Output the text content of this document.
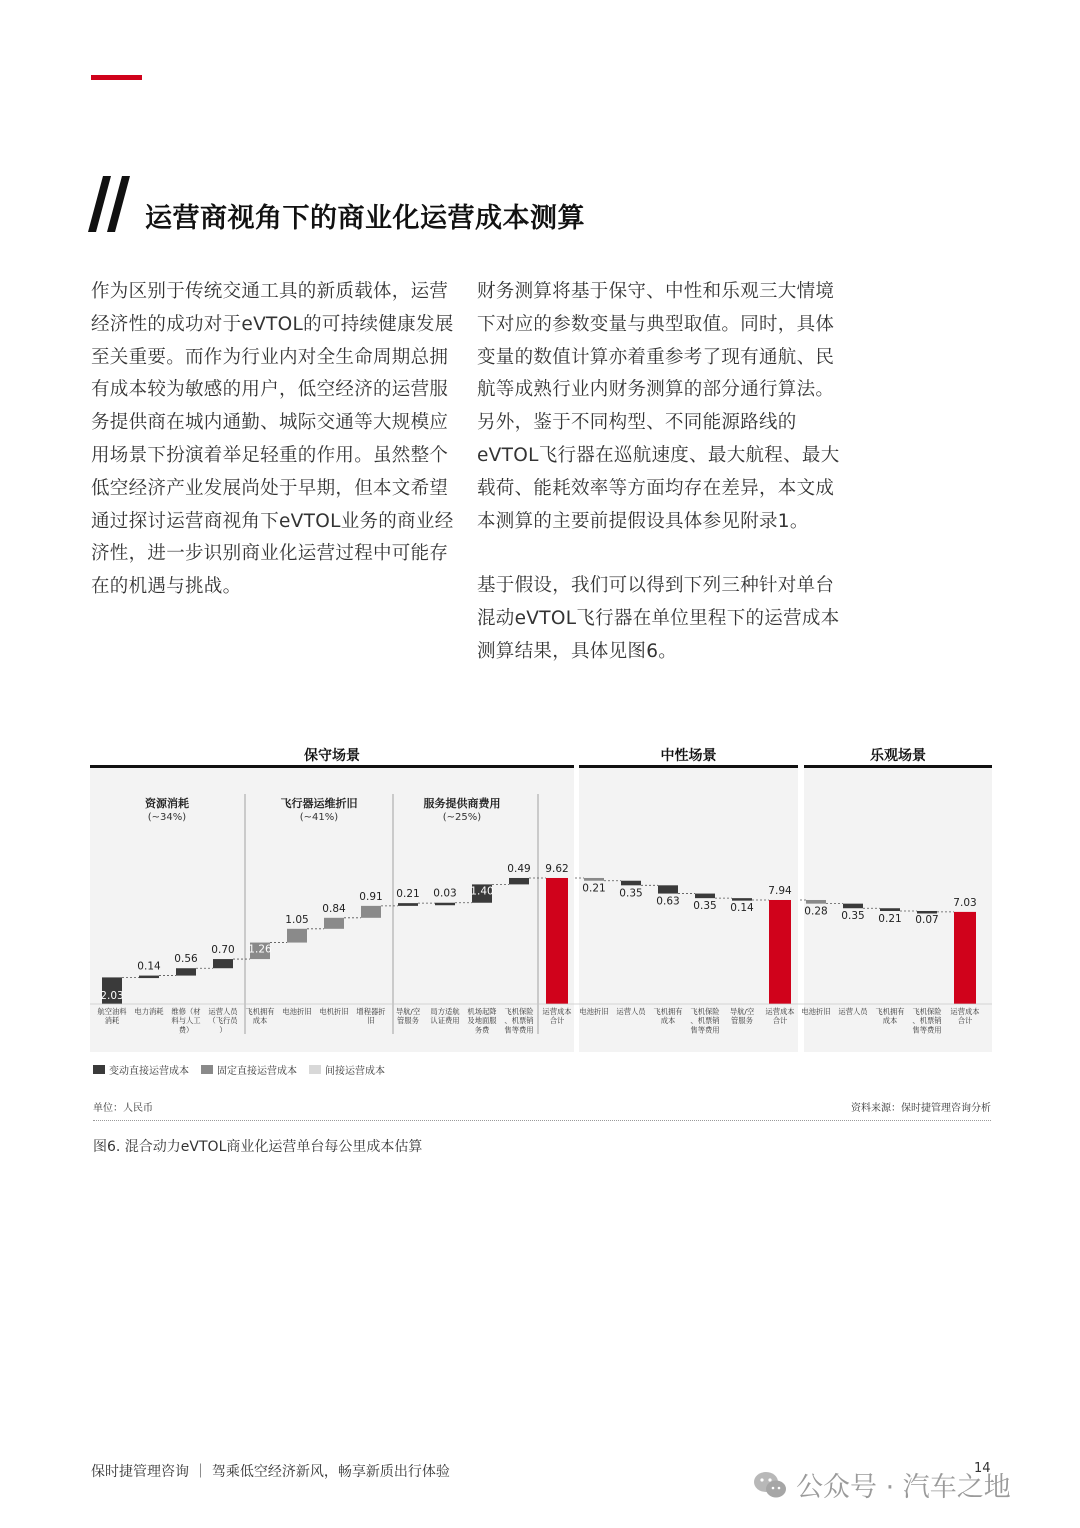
运营商视角下的商业化运营成本测算

作为区别于传统交通工具的新质载体，运营经济性的成功对于eVTOL的可持续健康发展至关重要。而作为行业内对全生命周期总拥有成本较为敏感的用户，低空经济的运营服务提供商在城内通勤、城际交通等大规模应用场景下扮演着举足轻重的作用。虽然整个低空经济产业发展尚处于早期，但本文希望通过探讨运营商视角下eVTOL业务的商业经济性，进一步识别商业化运营过程中可能存在的机遇与挑战。

财务测算将基于保守、中性和乐观三大情境下对应的参数变量与典型取值。同时，具体变量的数值计算亦着重参考了现有通航、民航等成熟行业内财务测算的部分通行算法。另外，鉴于不同构型、不同能源路线的eVTOL飞行器在巡航速度、最大航程、最大载荷、能耗效率等方面均存在差异，本文成本测算的主要前提假设具体参见附录1。

基于假设，我们可以得到下列三种针对单台混动eVTOL飞行器在单位里程下的运营成本测算结果，具体见图6。

保守场景	中性场景	乐观场景
资源消耗
(~34%)
飞行器运维折旧
(~41%)
服务提供商费用
(~25%)
2.03
航空油料
消耗
0.14
电力消耗
0.56
维修（材
料与人工
费）
0.70
运营人员
（飞行员
）
1.26
飞机拥有
成本
1.05
电池折旧
0.84
电机折旧
0.91
增程器折
旧
0.21
导航/空
管服务
0.03
局方适航
认证费用
1.40
机场起降
及地面服
务费
0.49
飞机保险
、机票销
售等费用
9.62
运营成本
合计
0.21
电池折旧
0.35
运营人员
0.63
飞机拥有
成本
0.35
飞机保险
、机票销
售等费用
0.14
导航/空
管服务
7.94
运营成本
合计
0.28
电池折旧
0.35
运营人员
0.21
飞机拥有
成本
0.07
飞机保险
、机票销
售等费用
7.03
运营成本
合计
变动直接运营成本	固定直接运营成本	间接运营成本
单位：人民币	资料来源：保时捷管理咨询分析
图6. 混合动力eVTOL商业化运营单台每公里成本估算
保时捷管理咨询 ｜ 驾乘低空经济新风，畅享新质出行体验	14
公众号 · 汽车之地
